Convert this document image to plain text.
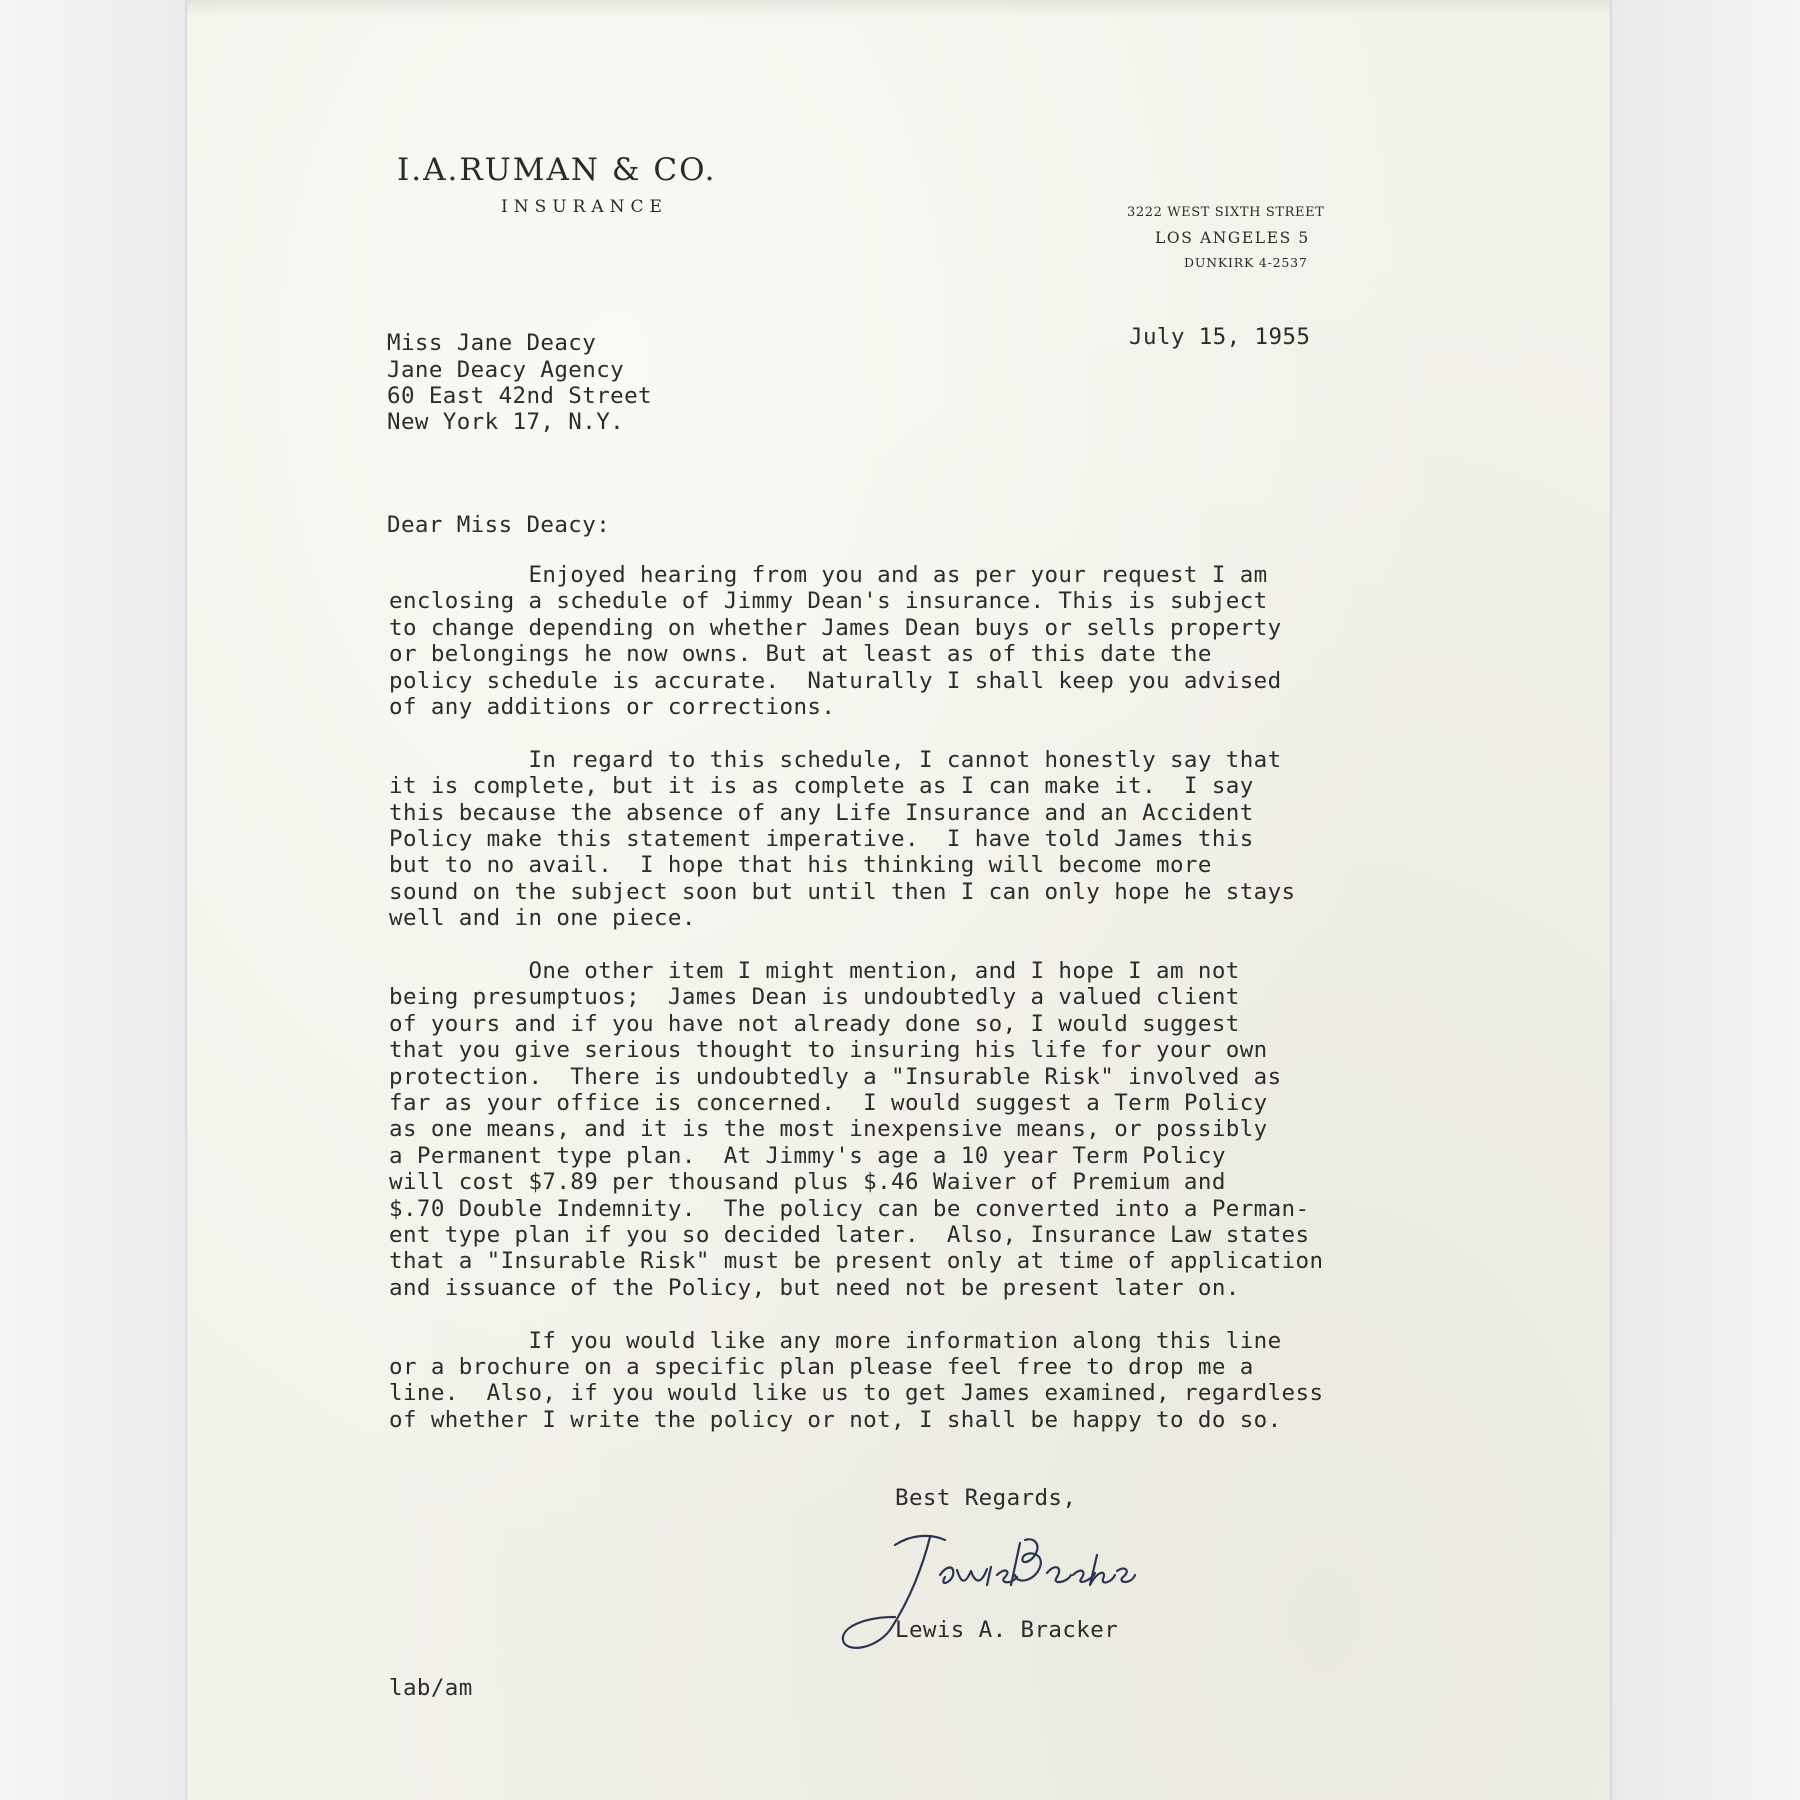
I.A.RUMAN & CO.
INSURANCE	3222 WEST SIXTH STREET
LOS ANGELES 5
DUNKIRK 4-2537
July 15, 1955
Miss Jane Deacy
Jane Deacy Agency
60 East 42nd Street
New York 17, N.Y.
Dear Miss Deacy:
Enjoyed hearing from you and as per your request I am
enclosing a schedule of Jimmy Dean's insurance. This is subject
to change depending on whether James Dean buys or sells property
or belongings he now owns. But at least as of this date the
policy schedule is accurate.  Naturally I shall keep you advised
of any additions or corrections.
In regard to this schedule, I cannot honestly say that
it is complete, but it is as complete as I can make it.  I say
this because the absence of any Life Insurance and an Accident
Policy make this statement imperative.  I have told James this
but to no avail.  I hope that his thinking will become more
sound on the subject soon but until then I can only hope he stays
well and in one piece.
One other item I might mention, and I hope I am not
being presumptuos;  James Dean is undoubtedly a valued client
of yours and if you have not already done so, I would suggest
that you give serious thought to insuring his life for your own
protection.  There is undoubtedly a "Insurable Risk" involved as
far as your office is concerned.  I would suggest a Term Policy
as one means, and it is the most inexpensive means, or possibly
a Permanent type plan.  At Jimmy's age a 10 year Term Policy
will cost $7.89 per thousand plus $.46 Waiver of Premium and
$.70 Double Indemnity.  The policy can be converted into a Perman-
ent type plan if you so decided later.  Also, Insurance Law states
that a "Insurable Risk" must be present only at time of application
and issuance of the Policy, but need not be present later on.
If you would like any more information along this line
or a brochure on a specific plan please feel free to drop me a
line.  Also, if you would like us to get James examined, regardless
of whether I write the policy or not, I shall be happy to do so.
Best Regards,
Lewis A. Bracker
lab/am
